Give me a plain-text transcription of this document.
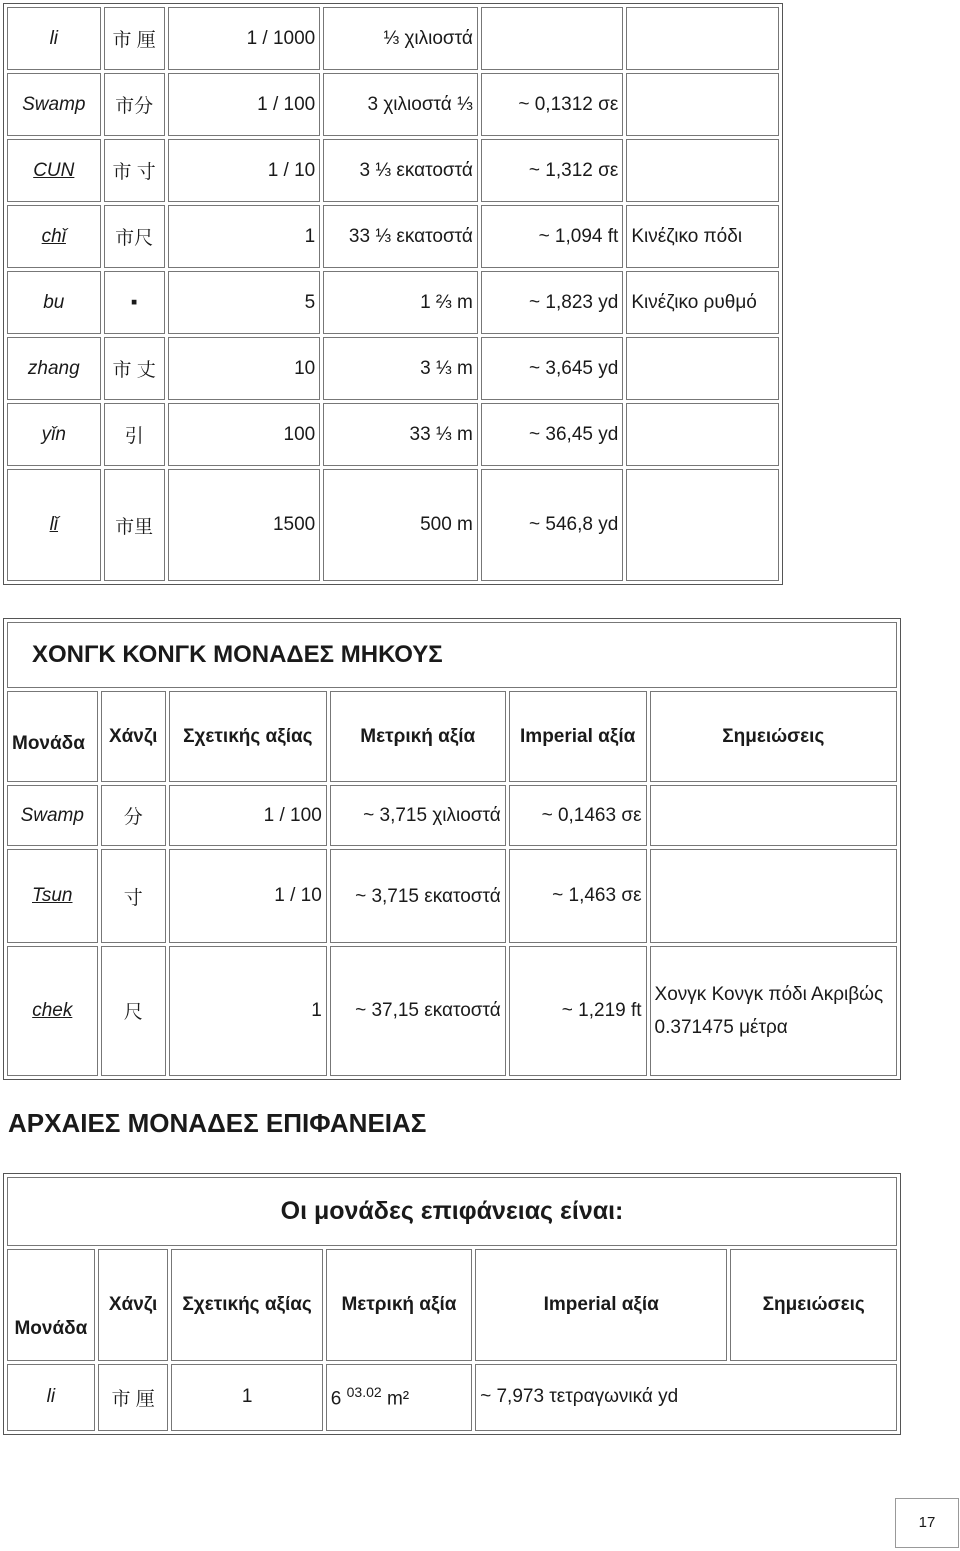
li	市 厘	1 / 1000	⅓ χιλιοστά		
Swamp	市分	1 / 100	3 χιλιοστά ⅓	~ 0,1312 σε	
CUN	市 寸	1 / 10	3 ⅓ εκατοστά	~ 1,312 σε	
chǐ	市尺	1	33 ⅓ εκατοστά	~ 1,094 ft	Κινέζικο πόδι
bu	▪	5	1 ⅔ m	~ 1,823 yd	Κινέζικο ρυθμό
zhang	市 丈	10	3 ⅓ m	~ 3,645 yd	
yǐn	引	100	33 ⅓ m	~ 36,45 yd	
lǐ	市里	1500	500 m	~ 546,8 yd	
ΧΟΝΓΚ ΚΟΝΓΚ ΜΟΝΑΔΕΣ ΜΗΚΟΥΣ					
Μονάδα	Χάνζι	Σχετικής αξίας	Μετρική αξία	Imperial αξία	Σημειώσεις
Swamp	分	1 / 100	~ 3,715 χιλιοστά	~ 0,1463 σε	
Tsun	寸	1 / 10	~ 3,715 εκατοστά	~ 1,463 σε	
chek	尺	1	~ 37,15 εκατοστά	~ 1,219 ft	Χονγκ Κονγκ πόδι Ακριβώς 0.371475 μέτρα
ΑΡΧΑΙΕΣ ΜΟΝΑΔΕΣ ΕΠΙΦΑΝΕΙΑΣ
Οι μονάδες επιφάνειας είναι:					
Μονάδα	Χάνζι	Σχετικής αξίας	Μετρική αξία	Imperial αξία	Σημειώσεις
li	市 厘	1	6 $^{03.02}$ m²	~ 7,973 τετραγωνικά yd	
17
